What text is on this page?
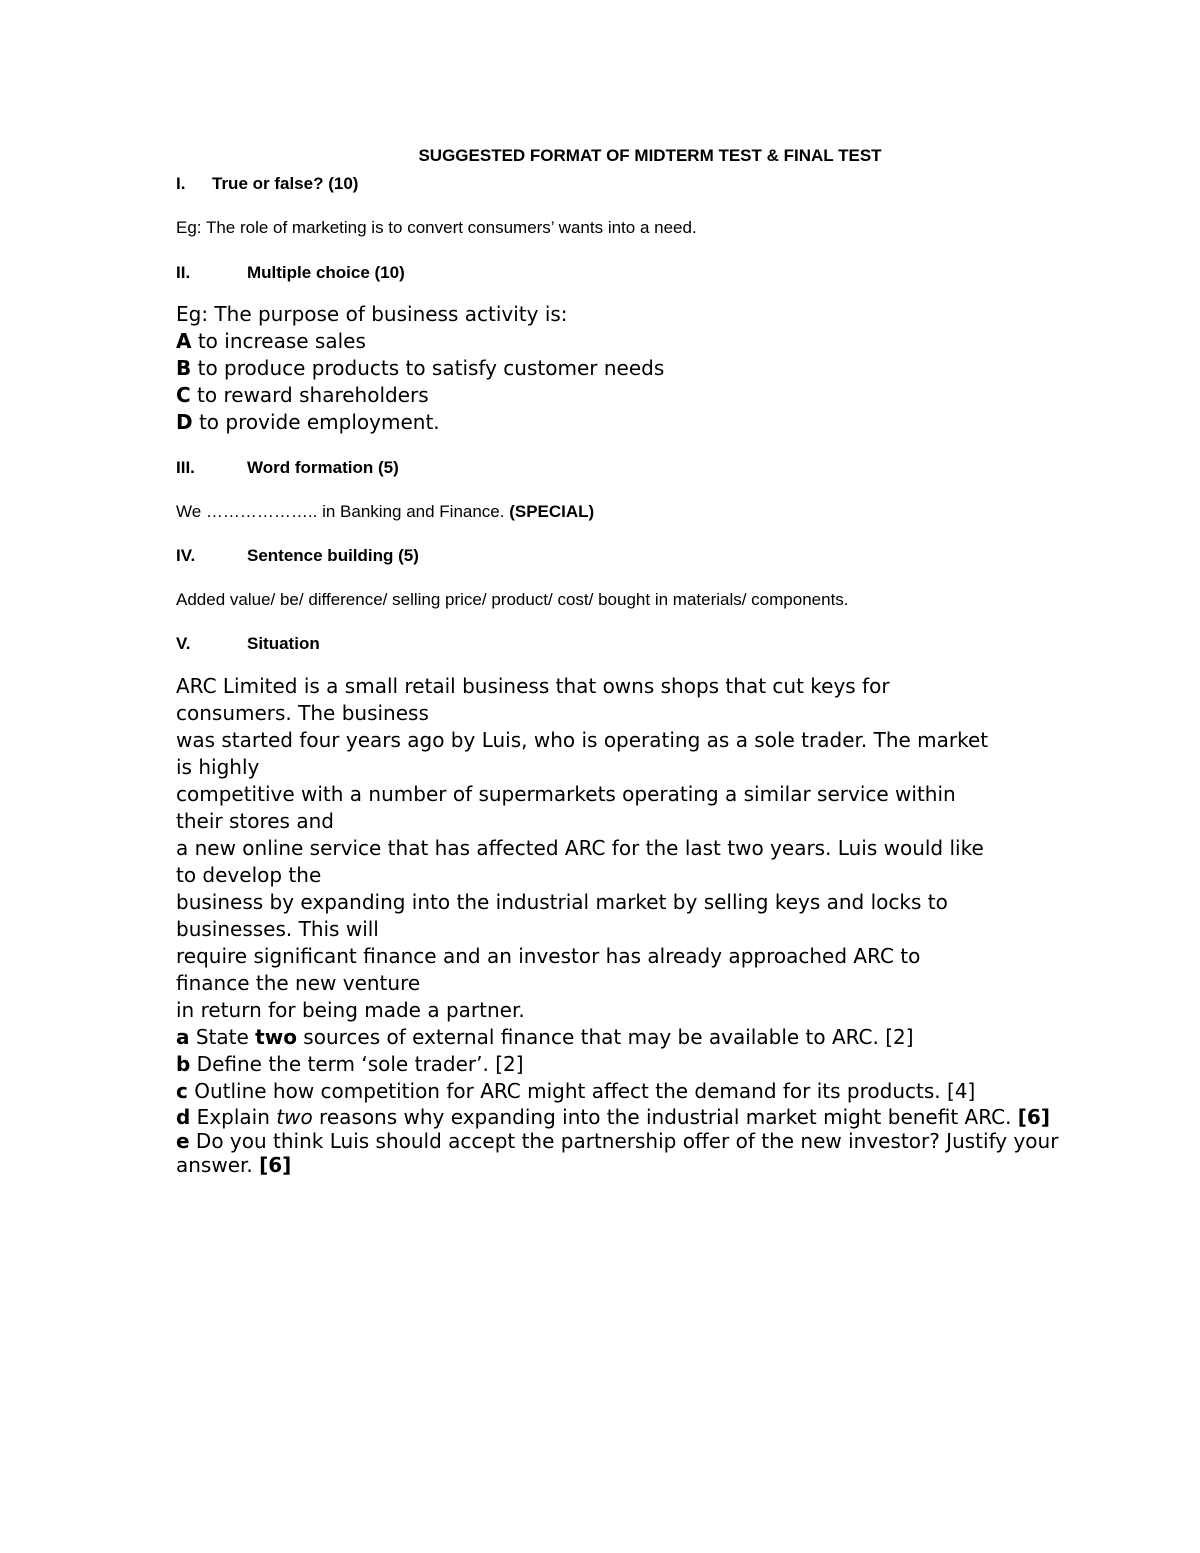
SUGGESTED FORMAT OF MIDTERM TEST & FINAL TEST
I. True or false? (10)
Eg: The role of marketing is to convert consumers’ wants into a need.
II.	Multiple choice (10)
Eg: The purpose of business activity is:
A to increase sales
B to produce products to satisfy customer needs
C to reward shareholders
D to provide employment.
III.	Word formation (5)
We ……………….. in Banking and Finance. (SPECIAL)
IV.	Sentence building (5)
Added value/ be/ difference/ selling price/ product/ cost/ bought in materials/ components.
V.	Situation
ARC Limited is a small retail business that owns shops that cut keys for
consumers. The business
was started four years ago by Luis, who is operating as a sole trader. The market
is highly
competitive with a number of supermarkets operating a similar service within
their stores and
a new online service that has affected ARC for the last two years. Luis would like
to develop the
business by expanding into the industrial market by selling keys and locks to
businesses. This will
require significant finance and an investor has already approached ARC to
finance the new venture
in return for being made a partner.
a State two sources of external finance that may be available to ARC. [2]
b Define the term ‘sole trader’. [2]
c Outline how competition for ARC might affect the demand for its products. [4]
d Explain two reasons why expanding into the industrial market might benefit ARC. [6]
e Do you think Luis should accept the partnership offer of the new investor? Justify your
answer. [6]
